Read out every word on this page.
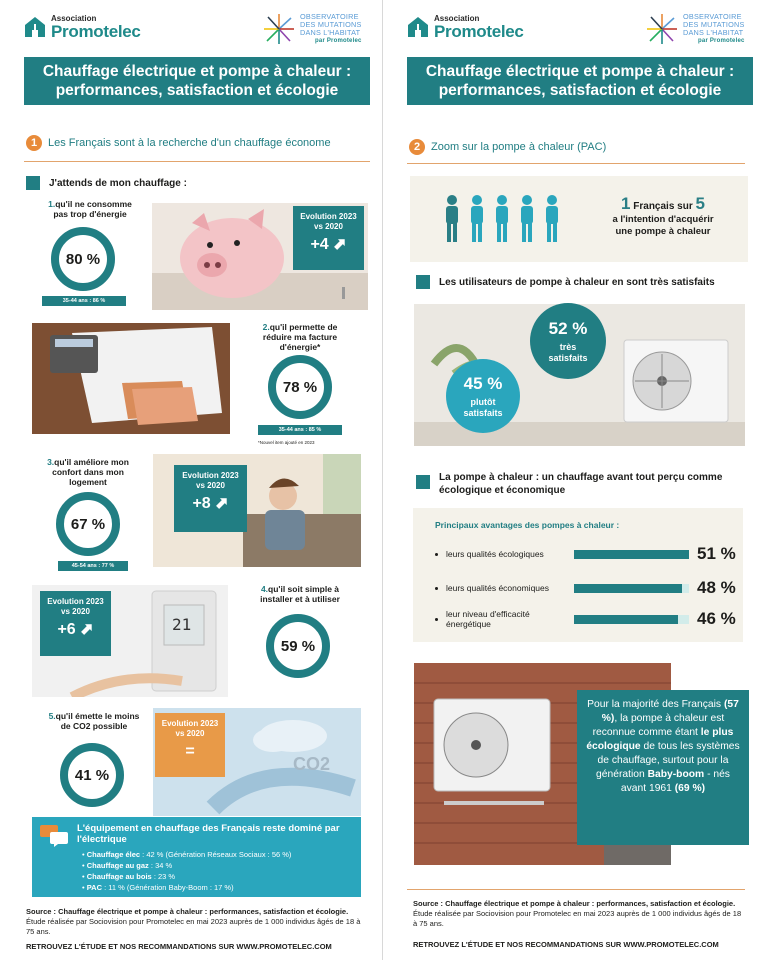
Association
Promotelec
OBSERVATOIRE
DES MUTATIONS
DANS L'HABITAT
par Promotelec
Chauffage électrique et pompe à chaleur : performances, satisfaction et écologie
1 Les Français sont à la recherche d'un chauffage économe
J'attends de mon chauffage :
1.qu'il ne consomme pas trop d'énergie
80 %
35-44 ans : 86 %
Evolution 2023 vs 2020
+4 ⬈
2.qu'il permette de réduire ma facture d'énergie*
78 %
35-44 ans : 85 %
*Nouvel item ajouté en 2023
3.qu'il améliore mon confort dans mon logement
67 %
45-54 ans : 77 %
Evolution 2023 vs 2020
+8 ⬈
21
Evolution 2023 vs 2020
+6 ⬈
4.qu'il soit simple à installer et à utiliser
59 %
5.qu'il émette le moins de CO2 possible
41 %
CO2
Evolution 2023 vs 2020
=
L'équipement en chauffage des Français reste dominé par l'électrique
• Chauffage élec : 42 % (Génération Réseaux Sociaux : 56 %)
• Chauffage au gaz : 34 %
• Chauffage au bois : 23 %
• PAC : 11 % (Génération Baby-Boom : 17 %)
Source : Chauffage électrique et pompe à chaleur : performances, satisfaction et écologie. Étude réalisée par Sociovision pour Promotelec en mai 2023 auprès de 1 000 individus âgés de 18 à 75 ans.
RETROUVEZ L'ÉTUDE ET NOS RECOMMANDATIONS SUR WWW.PROMOTELEC.COM
Association
Promotelec
OBSERVATOIRE
DES MUTATIONS
DANS L'HABITAT
par Promotelec
Chauffage électrique et pompe à chaleur : performances, satisfaction et écologie
2 Zoom sur la pompe à chaleur (PAC)
1 Français sur 5
a l'intention d'acquérir
une pompe à chaleur
Les utilisateurs de pompe à chaleur en sont très satisfaits
52 %
très satisfaits
45 %
plutôt satisfaits
La pompe à chaleur : un chauffage avant tout perçu comme écologique et économique
Principaux avantages des pompes à chaleur :
leurs qualités écologiques	51 %
leurs qualités économiques	48 %
leur niveau d'efficacité énergétique	46 %
Pour la majorité des Français (57 %), la pompe à chaleur est reconnue comme étant le plus écologique de tous les systèmes de chauffage, surtout pour la génération Baby-boom - nés avant 1961 (69 %)
Source : Chauffage électrique et pompe à chaleur : performances, satisfaction et écologie. Étude réalisée par Sociovision pour Promotelec en mai 2023 auprès de 1 000 individus âgés de 18 à 75 ans.
RETROUVEZ L'ÉTUDE ET NOS RECOMMANDATIONS SUR WWW.PROMOTELEC.COM
